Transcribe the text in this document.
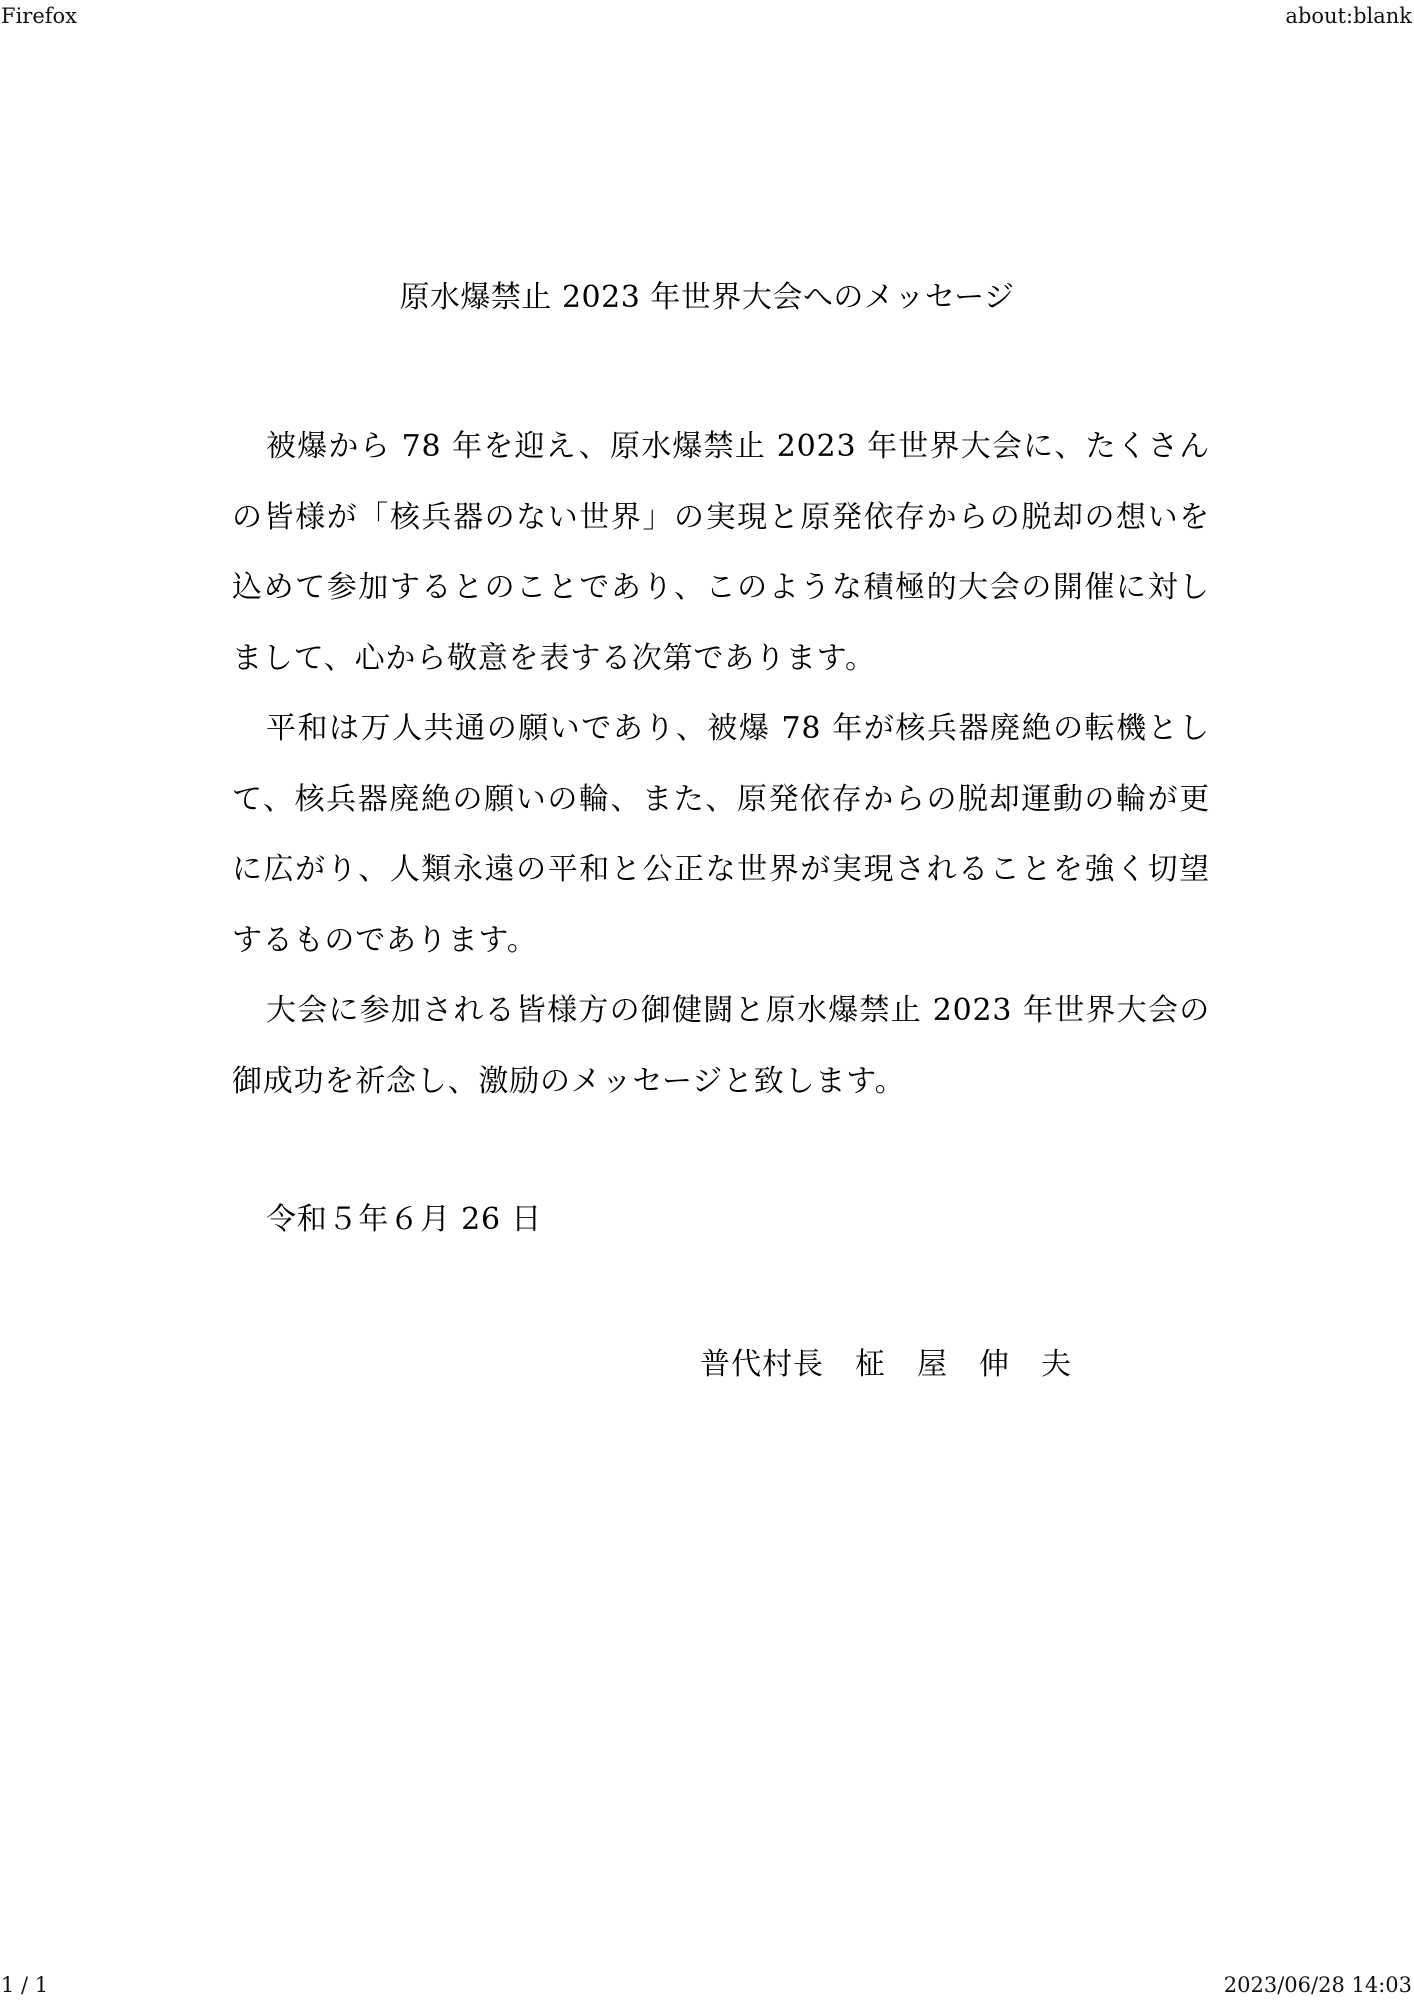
Firefox	about:blank
原水爆禁止 2023 年世界大会へのメッセージ

被爆から 78 年を迎え、原水爆禁止 2023 年世界大会に、たくさんの皆様が「核兵器のない世界」の実現と原発依存からの脱却の想いを込めて参加するとのことであり、このような積極的大会の開催に対しまして、心から敬意を表する次第であります。

平和は万人共通の願いであり、被爆 78 年が核兵器廃絶の転機として、核兵器廃絶の願いの輪、また、原発依存からの脱却運動の輪が更に広がり、人類永遠の平和と公正な世界が実現されることを強く切望するものであります。

大会に参加される皆様方の御健闘と原水爆禁止 2023 年世界大会の御成功を祈念し、激励のメッセージと致します。

令和５年６月 26 日
普代村長　柾　屋　伸　夫
1 / 1	2023/06/28 14:03
